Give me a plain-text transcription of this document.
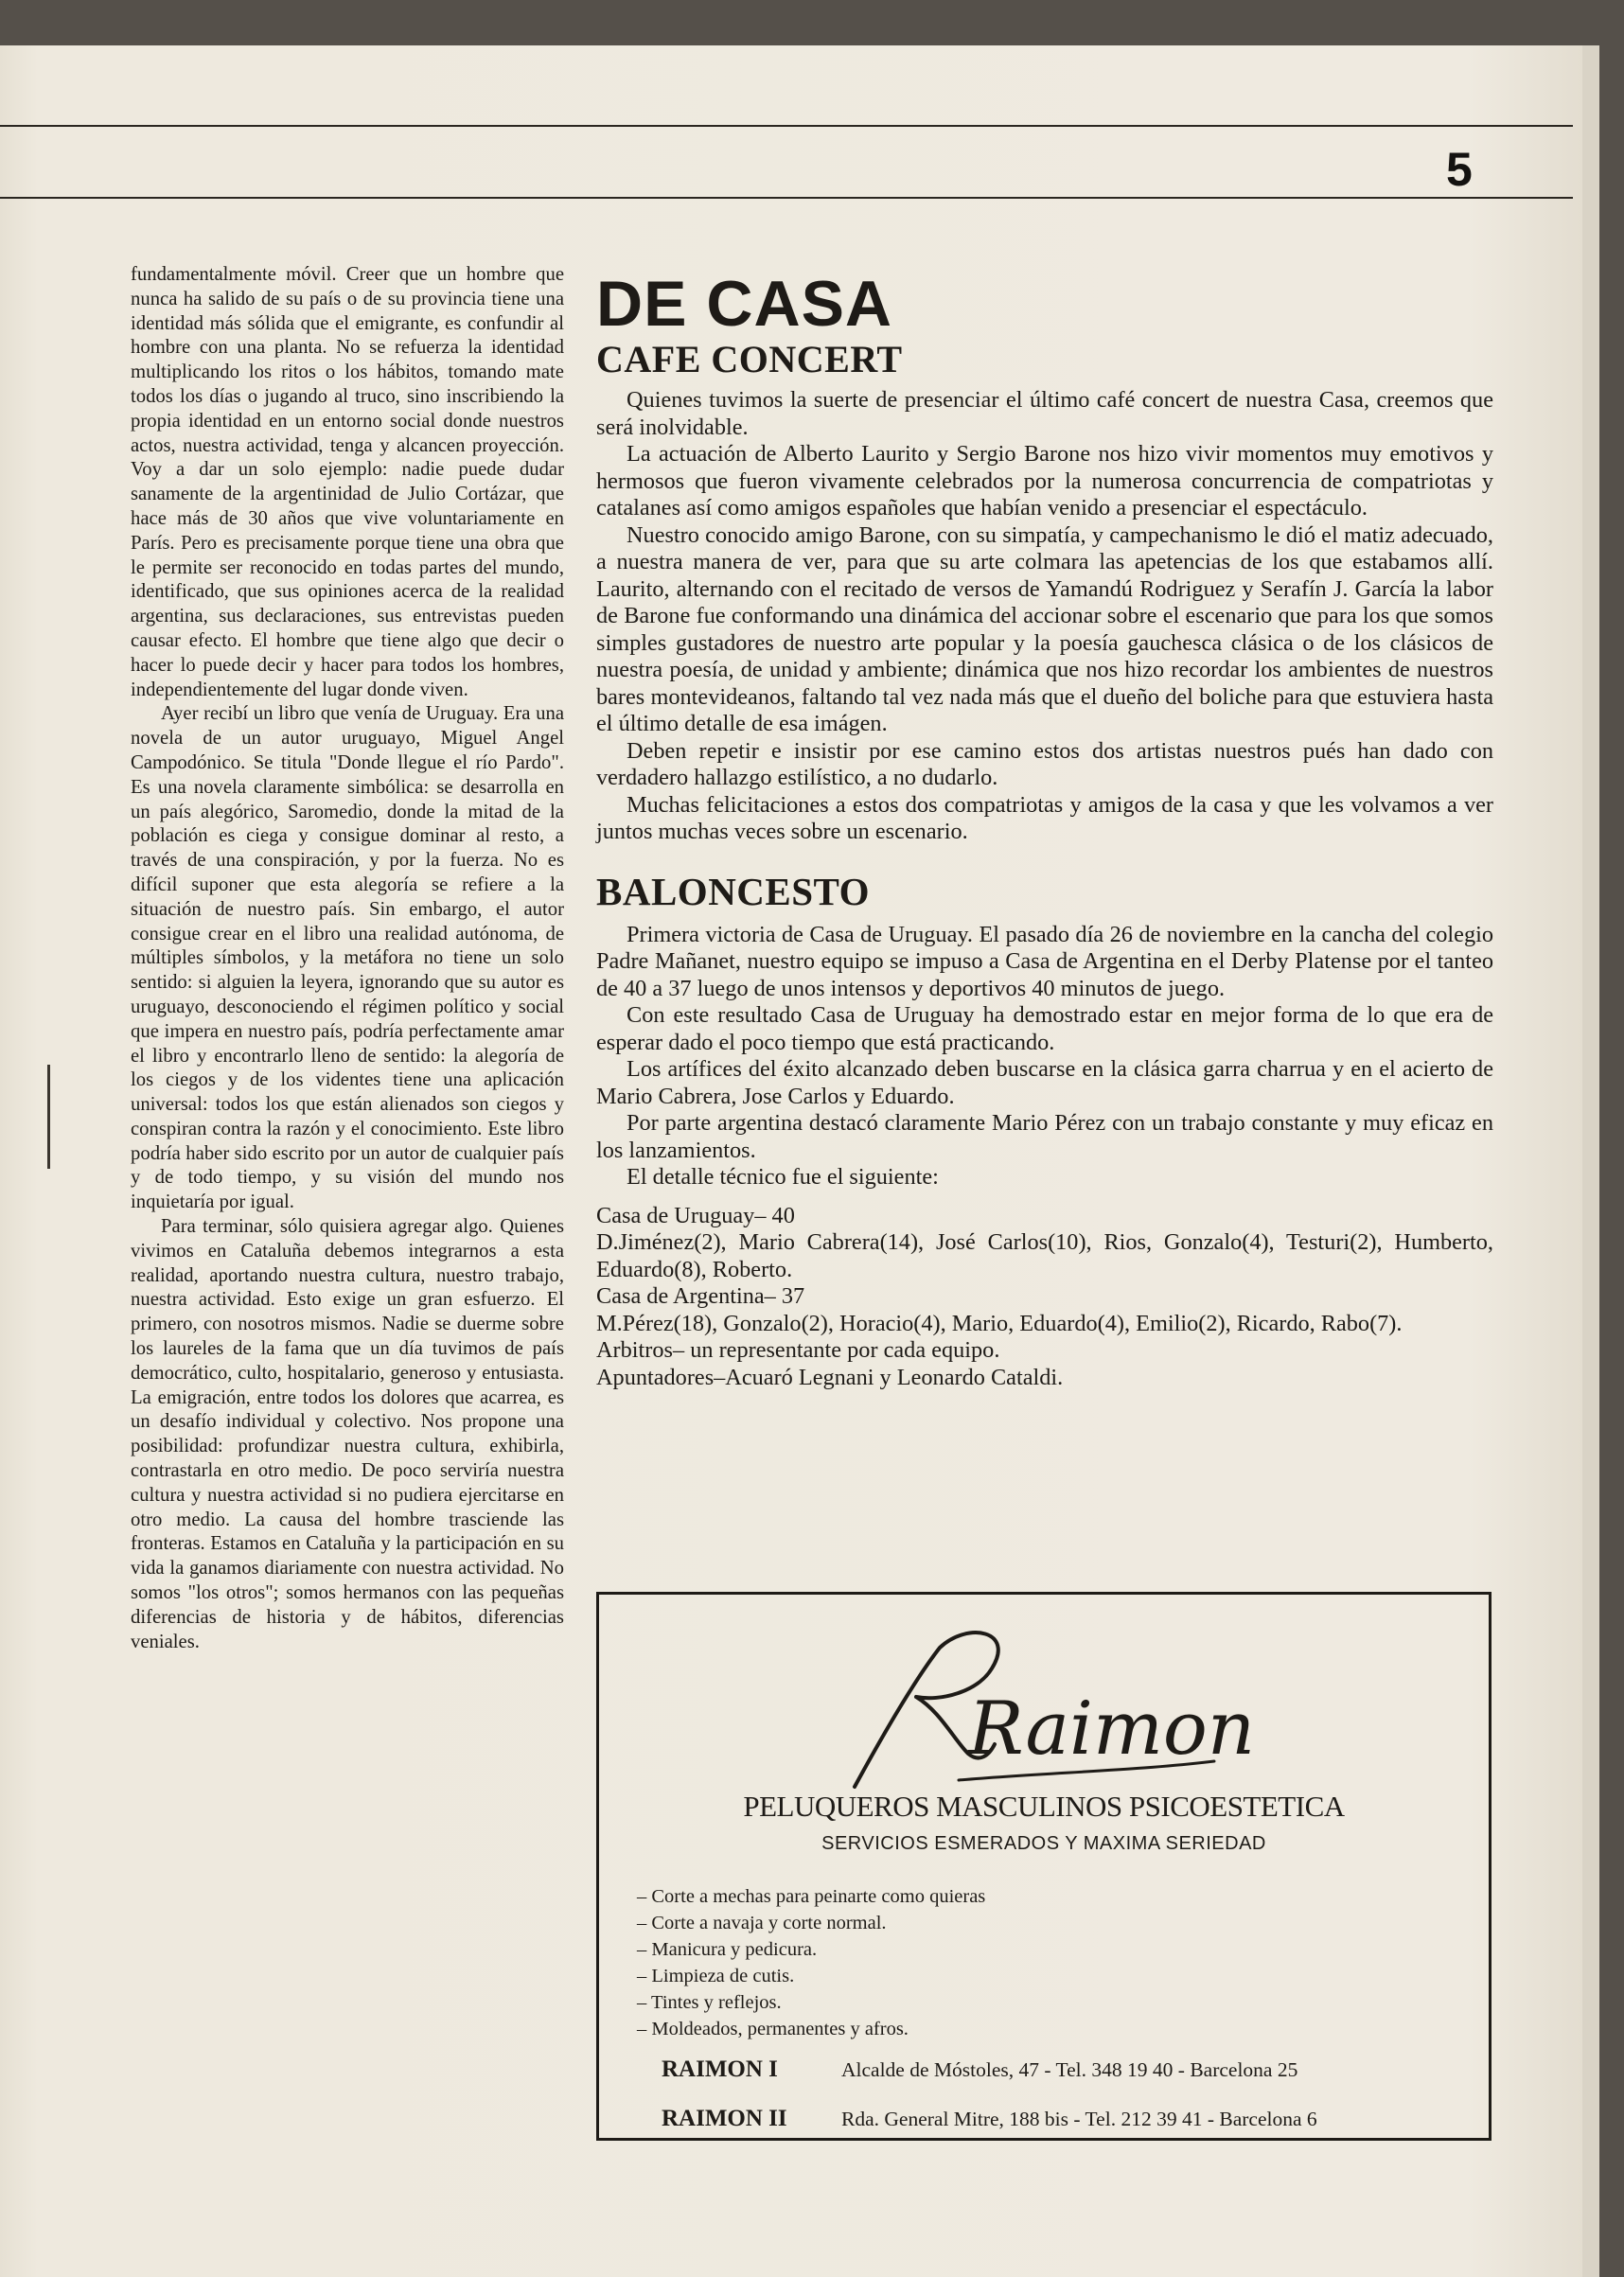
5

fundamentalmente móvil. Creer que un hombre que nunca ha salido de su país o de su provincia tiene una identidad más sólida que el emigrante, es confundir al hombre con una planta. No se refuerza la identidad multiplicando los ritos o los hábitos, tomando mate todos los días o jugando al truco, sino inscribiendo la propia identidad en un entorno social donde nuestros actos, nuestra actividad, tenga y alcancen proyección. Voy a dar un solo ejemplo: nadie puede dudar sanamente de la argentinidad de Julio Cortázar, que hace más de 30 años que vive voluntariamente en París. Pero es precisamente porque tiene una obra que le permite ser reconocido en todas partes del mundo, identificado, que sus opiniones acerca de la realidad argentina, sus declaraciones, sus entrevistas pueden causar efecto. El hombre que tiene algo que decir o hacer lo puede decir y hacer para todos los hombres, independientemente del lugar donde viven.

Ayer recibí un libro que venía de Uruguay. Era una novela de un autor uruguayo, Miguel Angel Campodónico. Se titula "Donde llegue el río Pardo". Es una novela claramente simbólica: se desarrolla en un país alegórico, Saromedio, donde la mitad de la población es ciega y consigue dominar al resto, a través de una conspiración, y por la fuerza. No es difícil suponer que esta alegoría se refiere a la situación de nuestro país. Sin embargo, el autor consigue crear en el libro una realidad autónoma, de múltiples símbolos, y la metáfora no tiene un solo sentido: si alguien la leyera, ignorando que su autor es uruguayo, desconociendo el régimen político y social que impera en nuestro país, podría perfectamente amar el libro y encontrarlo lleno de sentido: la alegoría de los ciegos y de los videntes tiene una aplicación universal: todos los que están alienados son ciegos y conspiran contra la razón y el conocimiento. Este libro podría haber sido escrito por un autor de cualquier país y de todo tiempo, y su visión del mundo nos inquietaría por igual.

Para terminar, sólo quisiera agregar algo. Quienes vivimos en Cataluña debemos integrarnos a esta realidad, aportando nuestra cultura, nuestro trabajo, nuestra actividad. Esto exige un gran esfuerzo. El primero, con nosotros mismos. Nadie se duerme sobre los laureles de la fama que un día tuvimos de país democrático, culto, hospitalario, generoso y entusiasta. La emigración, entre todos los dolores que acarrea, es un desafío individual y colectivo. Nos propone una posibilidad: profundizar nuestra cultura, exhibirla, contrastarla en otro medio. De poco serviría nuestra cultura y nuestra actividad si no pudiera ejercitarse en otro medio. La causa del hombre trasciende las fronteras. Estamos en Cataluña y la participación en su vida la ganamos diariamente con nuestra actividad. No somos "los otros"; somos hermanos con las pequeñas diferencias de historia y de hábitos, diferencias veniales.

DE CASA
CAFE CONCERT

Quienes tuvimos la suerte de presenciar el último café concert de nuestra Casa, creemos que será inolvidable.

La actuación de Alberto Laurito y Sergio Barone nos hizo vivir momentos muy emotivos y hermosos que fueron vivamente celebrados por la numerosa concurrencia de compatriotas y catalanes así como amigos españoles que habían venido a presenciar el espectáculo.

Nuestro conocido amigo Barone, con su simpatía, y campechanismo le dió el matiz adecuado, a nuestra manera de ver, para que su arte colmara las apetencias de los que estabamos allí. Laurito, alternando con el recitado de versos de Yamandú Rodriguez y Serafín J. García la labor de Barone fue conformando una dinámica del accionar sobre el escenario que para los que somos simples gustadores de nuestro arte popular y la poesía gauchesca clásica o de los clásicos de nuestra poesía, de unidad y ambiente; dinámica que nos hizo recordar los ambientes de nuestros bares montevideanos, faltando tal vez nada más que el dueño del boliche para que estuviera hasta el último detalle de esa imágen.

Deben repetir e insistir por ese camino estos dos artistas nuestros pués han dado con verdadero hallazgo estilístico, a no dudarlo.

Muchas felicitaciones a estos dos compatriotas y amigos de la casa y que les volvamos a ver juntos muchas veces sobre un escenario.

BALONCESTO

Primera victoria de Casa de Uruguay. El pasado día 26 de noviembre en la cancha del colegio Padre Mañanet, nuestro equipo se impuso a Casa de Argentina en el Derby Platense por el tanteo de 40 a 37 luego de unos intensos y deportivos 40 minutos de juego.

Con este resultado Casa de Uruguay ha demostrado estar en mejor forma de lo que era de esperar dado el poco tiempo que está practicando.

Los artífices del éxito alcanzado deben buscarse en la clásica garra charrua y en el acierto de Mario Cabrera, Jose Carlos y Eduardo.

Por parte argentina destacó claramente Mario Pérez con un trabajo constante y muy eficaz en los lanzamientos.

El detalle técnico fue el siguiente:

Casa de Uruguay– 40
D.Jiménez(2), Mario Cabrera(14), José Carlos(10), Rios, Gonzalo(4), Testuri(2), Humberto, Eduardo(8), Roberto.
Casa de Argentina– 37
M.Pérez(18), Gonzalo(2), Horacio(4), Mario, Eduardo(4), Emilio(2), Ricardo, Rabo(7).
Arbitros– un representante por cada equipo.
Apuntadores–Acuaró Legnani y Leonardo Cataldi.
Raimon
PELUQUEROS MASCULINOS PSICOESTETICA
SERVICIOS ESMERADOS Y MAXIMA SERIEDAD
– Corte a mechas para peinarte como quieras
– Corte a navaja y corte normal.
– Manicura y pedicura.
– Limpieza de cutis.
– Tintes y reflejos.
– Moldeados, permanentes y afros.
RAIMON I	Alcalde de Móstoles, 47 - Tel. 348 19 40 - Barcelona 25
RAIMON II	Rda. General Mitre, 188 bis - Tel. 212 39 41 - Barcelona 6
